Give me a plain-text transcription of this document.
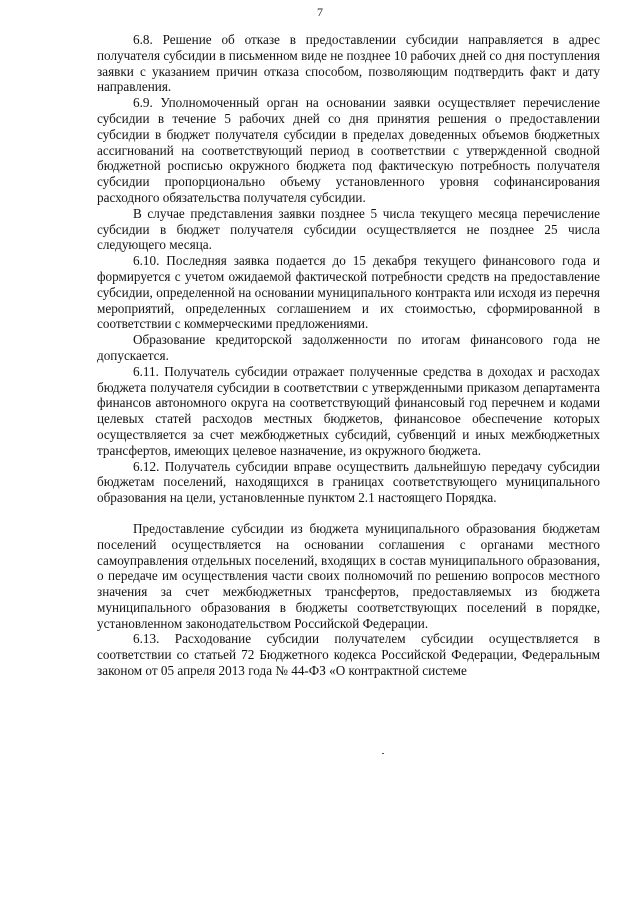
7

6.8. Решение об отказе в предоставлении субсидии направляется в адрес получателя субсидии в письменном виде не позднее 10 рабочих дней со дня поступления заявки с указанием причин отказа способом, позволяющим подтвердить факт и дату направления.

6.9. Уполномоченный орган на основании заявки осуществляет перечисление субсидии в течение 5 рабочих дней со дня принятия решения о предоставлении субсидии в бюджет получателя субсидии в пределах доведенных объемов бюджетных ассигнований на соответствующий период в соответствии с утвержденной сводной бюджетной росписью окружного бюджета под фактическую потребность получателя субсидии пропорционально объему установленного уровня софинансирования расходного обязательства получателя субсидии.

В случае представления заявки позднее 5 числа текущего месяца перечисление субсидии в бюджет получателя субсидии осуществляется не позднее 25 числа следующего месяца.

6.10. Последняя заявка подается до 15 декабря текущего финансового года и формируется с учетом ожидаемой фактической потребности средств на предоставление субсидии, определенной на основании муниципального контракта или исходя из перечня мероприятий, определенных соглашением и их стоимостью, сформированной в соответствии с коммерческими предложениями.

Образование кредиторской задолженности по итогам финансового года не допускается.

6.11. Получатель субсидии отражает полученные средства в доходах и расходах бюджета получателя субсидии в соответствии с утвержденными приказом департамента финансов автономного округа на соответствующий финансовый год перечнем и кодами целевых статей расходов местных бюджетов, финансовое обеспечение которых осуществляется за счет межбюджетных субсидий, субвенций и иных межбюджетных трансфертов, имеющих целевое назначение, из окружного бюджета.

6.12. Получатель субсидии вправе осуществить дальнейшую передачу субсидии бюджетам поселений, находящихся в границах соответствующего муниципального образования на цели, установленные пунктом 2.1 настоящего Порядка.

Предоставление субсидии из бюджета муниципального образования бюджетам поселений осуществляется на основании соглашения с органами местного самоуправления отдельных поселений, входящих в состав муниципального образования, о передаче им осуществления части своих полномочий по решению вопросов местного значения за счет межбюджетных трансфертов, предоставляемых из бюджета муниципального образования в бюджеты соответствующих поселений в порядке, установленном законодательством Российской Федерации.

6.13. Расходование субсидии получателем субсидии осуществляется в соответствии со статьей 72 Бюджетного кодекса Российской Федерации, Федеральным законом от 05 апреля 2013 года № 44-ФЗ «О контрактной системе
